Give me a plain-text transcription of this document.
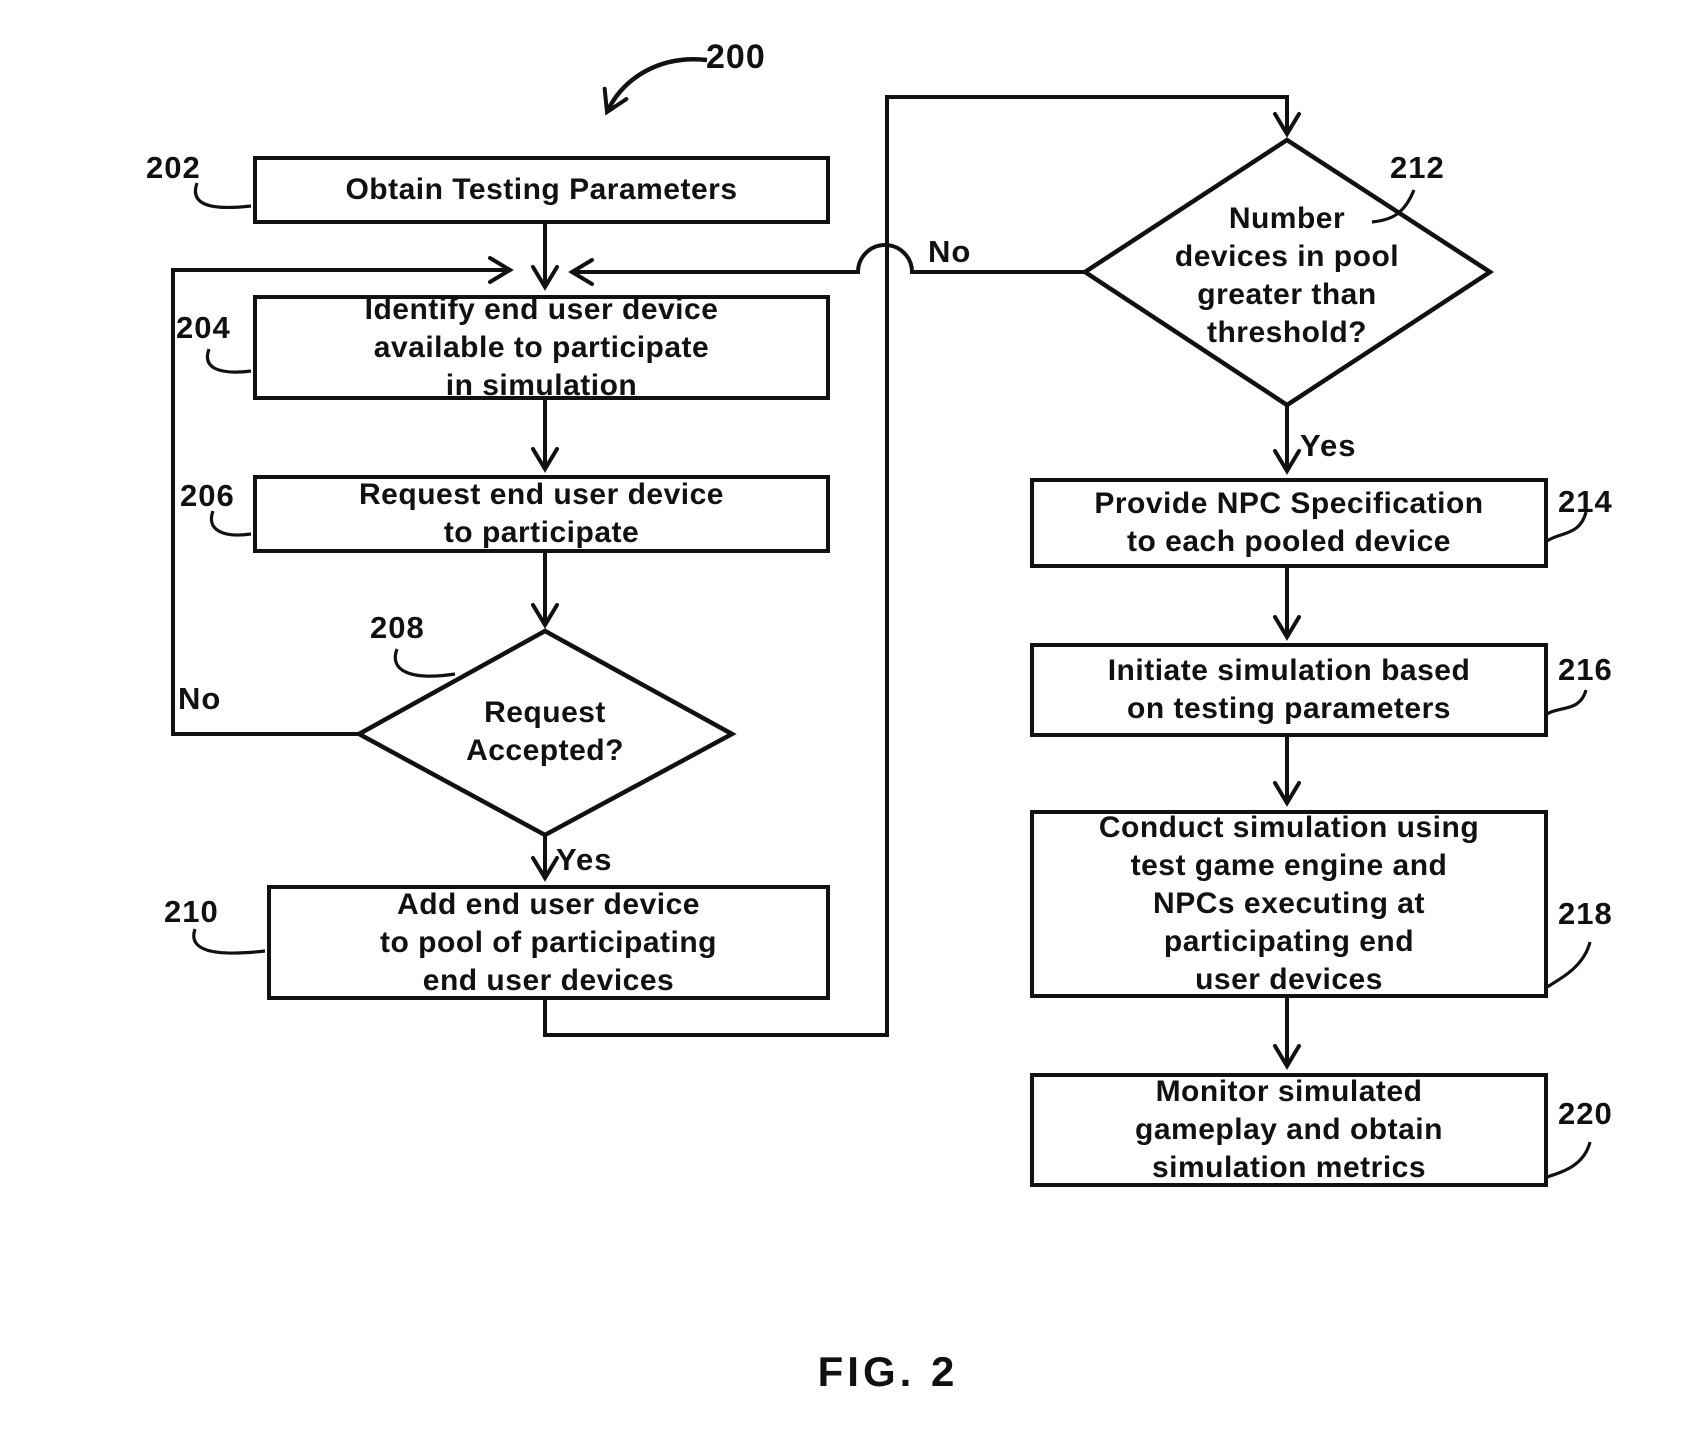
Obtain Testing Parameters
Identify end user device
available to participate
in simulation
Request end user device
to participate
Add end user device
to pool of participating
end user devices
Provide NPC Specification
to each pooled device
Initiate simulation based
on testing parameters
Conduct simulation using
test game engine and
NPCs executing at
participating end
user devices
Monitor simulated
gameplay and obtain
simulation metrics
Request
Accepted?
Number
devices in pool
greater than
threshold?
No
Yes
No
Yes
200
202
204
206
208
210
212
214
216
218
220
FIG. 2
